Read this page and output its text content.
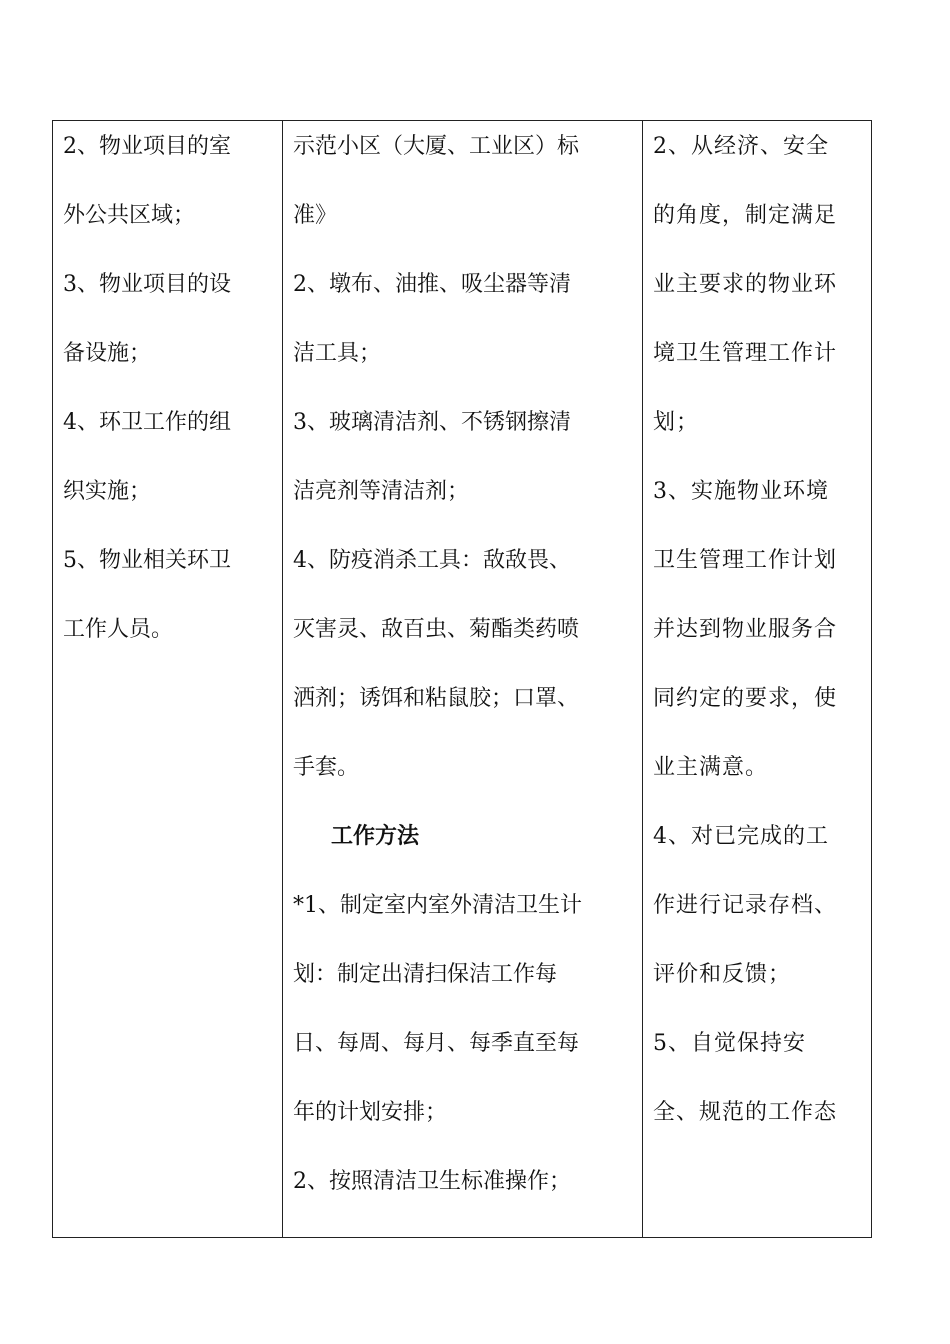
2、物业项目的室
外公共区域；
3、物业项目的设
备设施；
4、环卫工作的组
织实施；
5、物业相关环卫
工作人员。

示范小区（大厦、工业区）标
准》
2、墩布、油推、吸尘器等清
洁工具；
3、玻璃清洁剂、不锈钢擦清
洁亮剂等清洁剂；
4、防疫消杀工具：敌敌畏、
灭害灵、敌百虫、菊酯类药喷
洒剂；诱饵和粘鼠胶；口罩、
手套。
工作方法
*1、制定室内室外清洁卫生计
划：制定出清扫保洁工作每
日、每周、每月、每季直至每
年的计划安排；
2、按照清洁卫生标准操作；

2、从经济、安全
的角度，制定满足
业主要求的物业环
境卫生管理工作计
划；
3、实施物业环境
卫生管理工作计划
并达到物业服务合
同约定的要求，使
业主满意。
4、对已完成的工
作进行记录存档、
评价和反馈；
5、自觉保持安
全、规范的工作态
